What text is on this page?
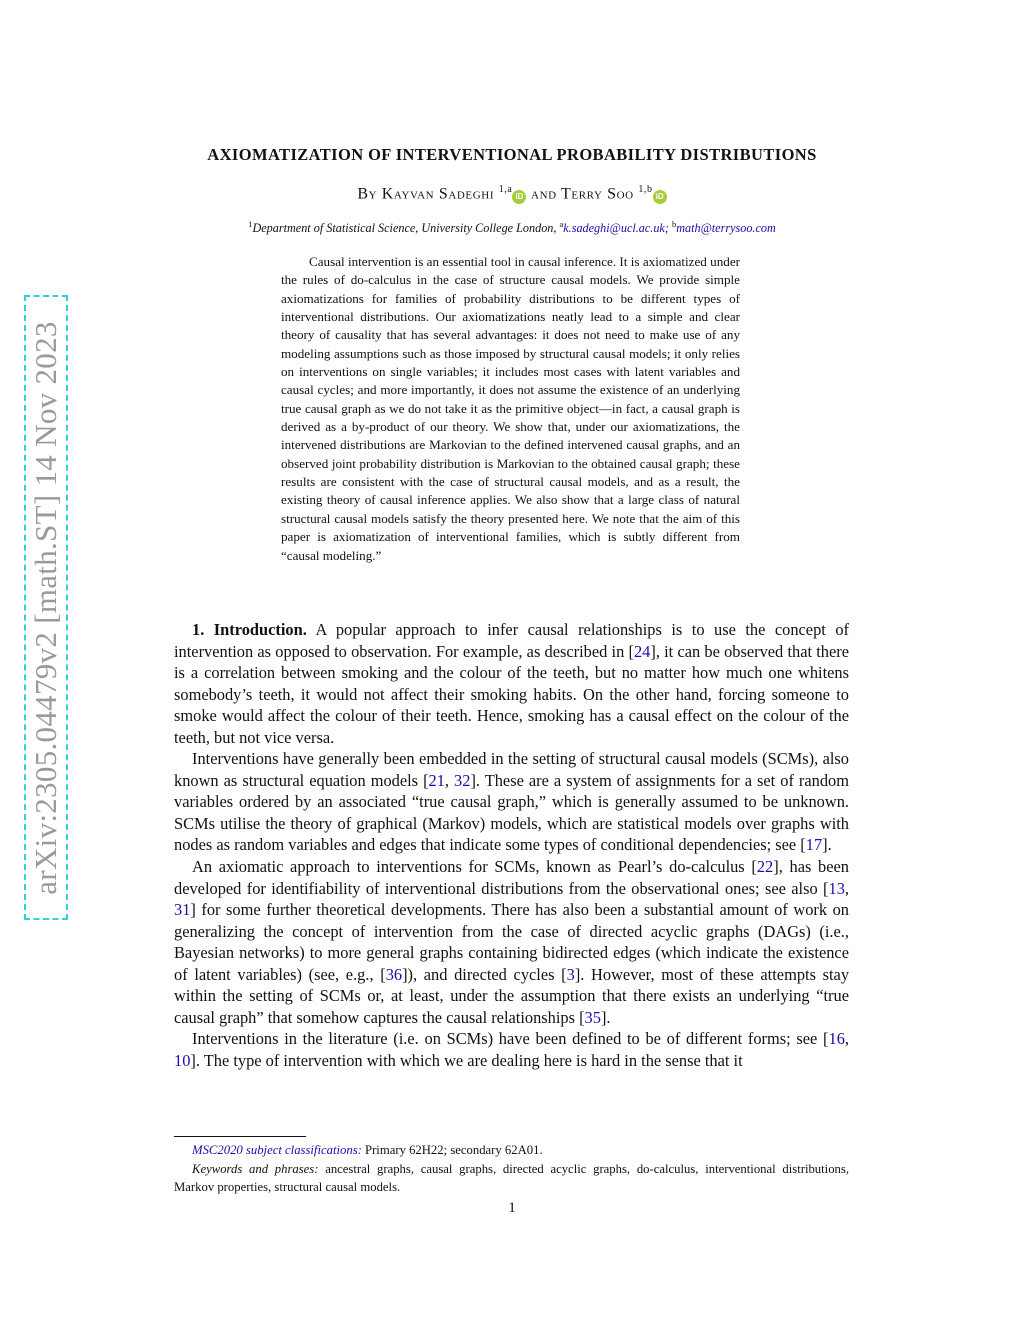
arXiv:2305.04479v2 [math.ST] 14 Nov 2023
AXIOMATIZATION OF INTERVENTIONAL PROBABILITY DISTRIBUTIONS
By Kayvan Sadeghi $^{1,a}$iD and Terry Soo $^{1,b}$iD
$^1$Department of Statistical Science, University College London, $^a$k.sadeghi@ucl.ac.uk; $^b$math@terrysoo.com

Causal intervention is an essential tool in causal inference. It is axiomatized under the rules of do-calculus in the case of structure causal models. We provide simple axiomatizations for families of probability distributions to be different types of interventional distributions. Our axiomatizations neatly lead to a simple and clear theory of causality that has several advantages: it does not need to make use of any modeling assumptions such as those imposed by structural causal models; it only relies on interventions on single variables; it includes most cases with latent variables and causal cycles; and more importantly, it does not assume the existence of an underlying true causal graph as we do not take it as the primitive object—in fact, a causal graph is derived as a by-product of our theory. We show that, under our axiomatizations, the intervened distributions are Markovian to the defined intervened causal graphs, and an observed joint probability distribution is Markovian to the obtained causal graph; these results are consistent with the case of structural causal models, and as a result, the existing theory of causal inference applies. We also show that a large class of natural structural causal models satisfy the theory presented here. We note that the aim of this paper is axiomatization of interventional families, which is subtly different from “causal modeling.”

1. Introduction. A popular approach to infer causal relationships is to use the concept of intervention as opposed to observation. For example, as described in [24], it can be observed that there is a correlation between smoking and the colour of the teeth, but no matter how much one whitens somebody’s teeth, it would not affect their smoking habits. On the other hand, forcing someone to smoke would affect the colour of their teeth. Hence, smoking has a causal effect on the colour of the teeth, but not vice versa.

Interventions have generally been embedded in the setting of structural causal models (SCMs), also known as structural equation models [21, 32]. These are a system of assignments for a set of random variables ordered by an associated “true causal graph,” which is generally assumed to be unknown. SCMs utilise the theory of graphical (Markov) models, which are statistical models over graphs with nodes as random variables and edges that indicate some types of conditional dependencies; see [17].

An axiomatic approach to interventions for SCMs, known as Pearl’s do-calculus [22], has been developed for identifiability of interventional distributions from the observational ones; see also [13, 31] for some further theoretical developments. There has also been a substantial amount of work on generalizing the concept of intervention from the case of directed acyclic graphs (DAGs) (i.e., Bayesian networks) to more general graphs containing bidirected edges (which indicate the existence of latent variables) (see, e.g., [36]), and directed cycles [3]. However, most of these attempts stay within the setting of SCMs or, at least, under the assumption that there exists an underlying “true causal graph” that somehow captures the causal relationships [35].

Interventions in the literature (i.e. on SCMs) have been defined to be of different forms; see [16, 10]. The type of intervention with which we are dealing here is hard in the sense that it

MSC2020 subject classifications: Primary 62H22; secondary 62A01.

Keywords and phrases: ancestral graphs, causal graphs, directed acyclic graphs, do-calculus, interventional distributions, Markov properties, structural causal models.

1
